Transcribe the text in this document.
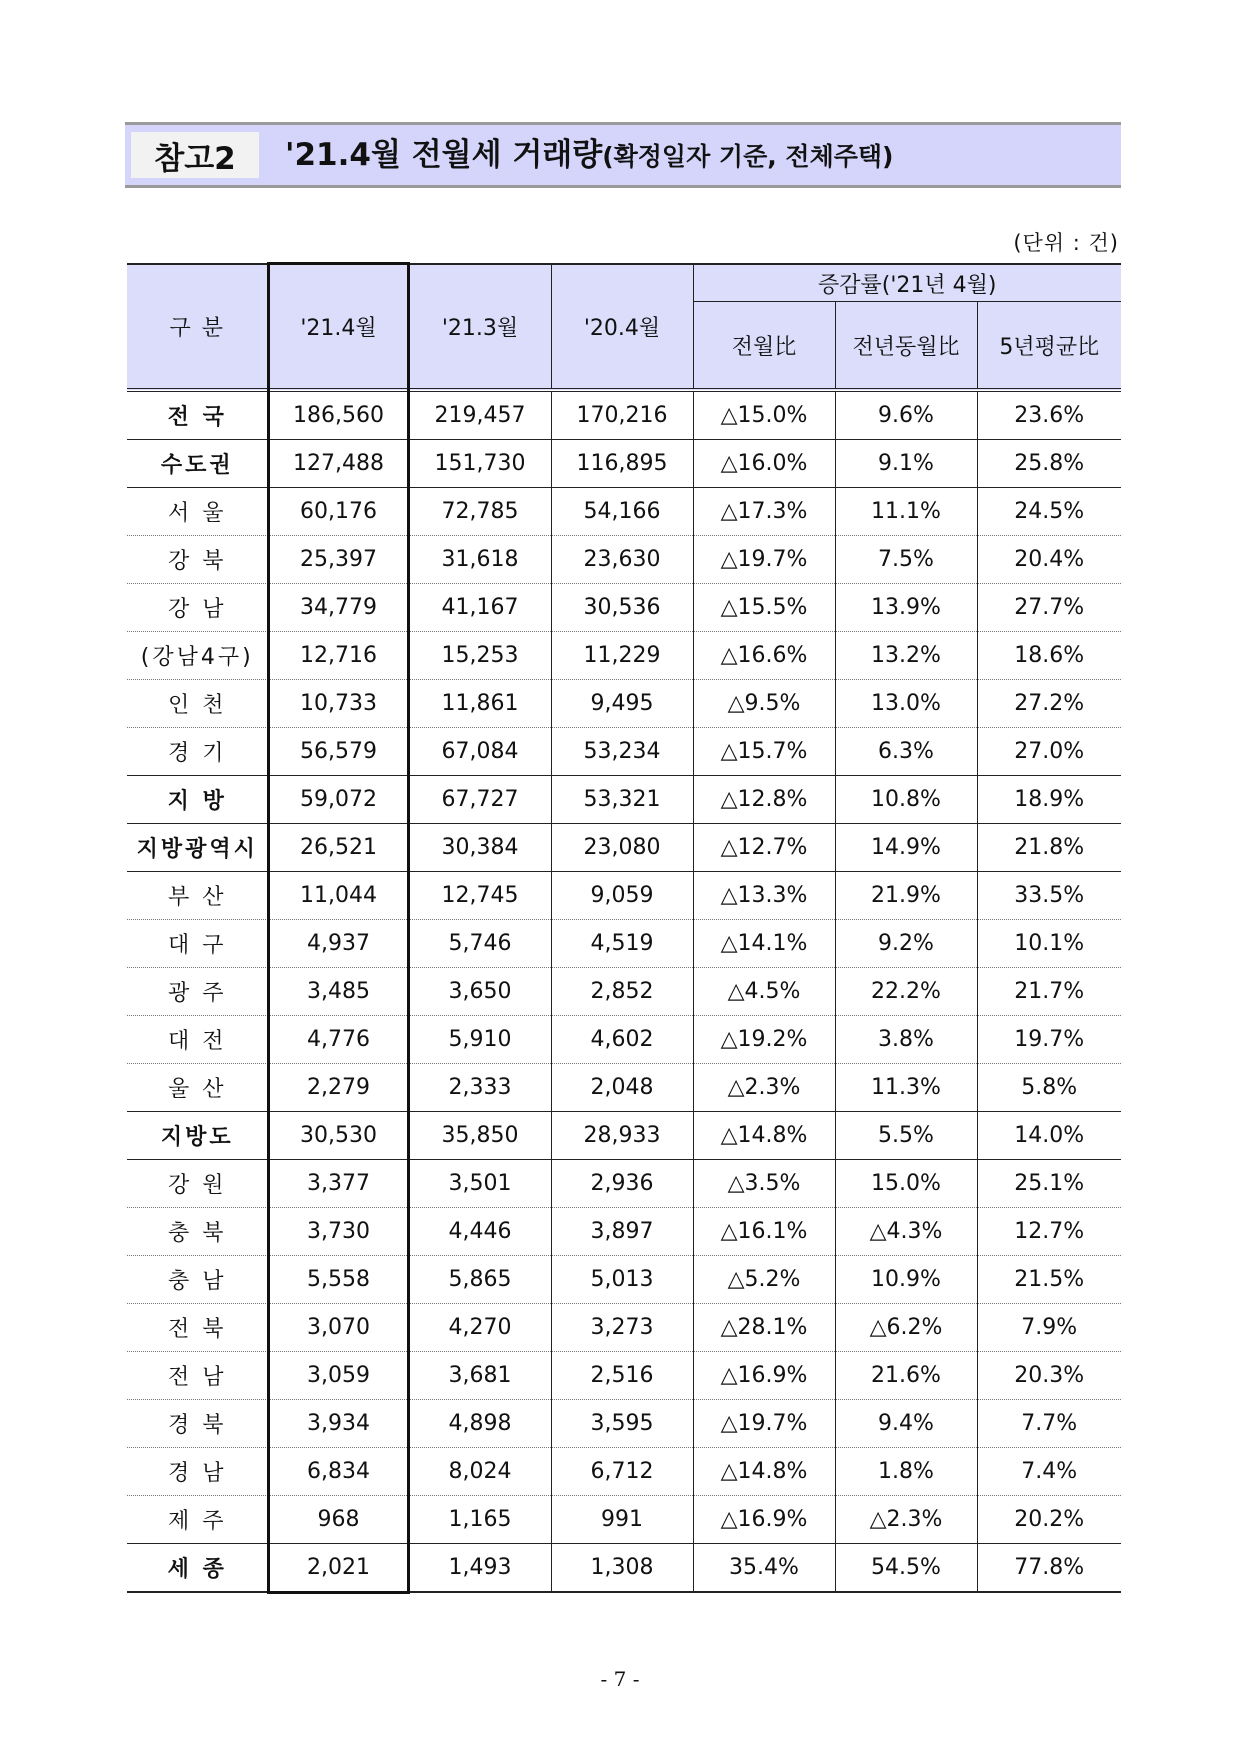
참고2	'21.4월 전월세 거래량(확정일자 기준, 전체주택)
(단위 : 건)
구 분	'21.4월	'21.3월	'20.4월	증감률('21년 4월)		
				전월比	전년동월比	5년평균比
전 국	186,560	219,457	170,216	△15.0%	9.6%	23.6%
수도권	127,488	151,730	116,895	△16.0%	9.1%	25.8%
서 울	60,176	72,785	54,166	△17.3%	11.1%	24.5%
강 북	25,397	31,618	23,630	△19.7%	7.5%	20.4%
강 남	34,779	41,167	30,536	△15.5%	13.9%	27.7%
(강남4구)	12,716	15,253	11,229	△16.6%	13.2%	18.6%
인 천	10,733	11,861	9,495	△9.5%	13.0%	27.2%
경 기	56,579	67,084	53,234	△15.7%	6.3%	27.0%
지 방	59,072	67,727	53,321	△12.8%	10.8%	18.9%
지방광역시	26,521	30,384	23,080	△12.7%	14.9%	21.8%
부 산	11,044	12,745	9,059	△13.3%	21.9%	33.5%
대 구	4,937	5,746	4,519	△14.1%	9.2%	10.1%
광 주	3,485	3,650	2,852	△4.5%	22.2%	21.7%
대 전	4,776	5,910	4,602	△19.2%	3.8%	19.7%
울 산	2,279	2,333	2,048	△2.3%	11.3%	5.8%
지방도	30,530	35,850	28,933	△14.8%	5.5%	14.0%
강 원	3,377	3,501	2,936	△3.5%	15.0%	25.1%
충 북	3,730	4,446	3,897	△16.1%	△4.3%	12.7%
충 남	5,558	5,865	5,013	△5.2%	10.9%	21.5%
전 북	3,070	4,270	3,273	△28.1%	△6.2%	7.9%
전 남	3,059	3,681	2,516	△16.9%	21.6%	20.3%
경 북	3,934	4,898	3,595	△19.7%	9.4%	7.7%
경 남	6,834	8,024	6,712	△14.8%	1.8%	7.4%
제 주	968	1,165	991	△16.9%	△2.3%	20.2%
세 종	2,021	1,493	1,308	35.4%	54.5%	77.8%
- 7 -
